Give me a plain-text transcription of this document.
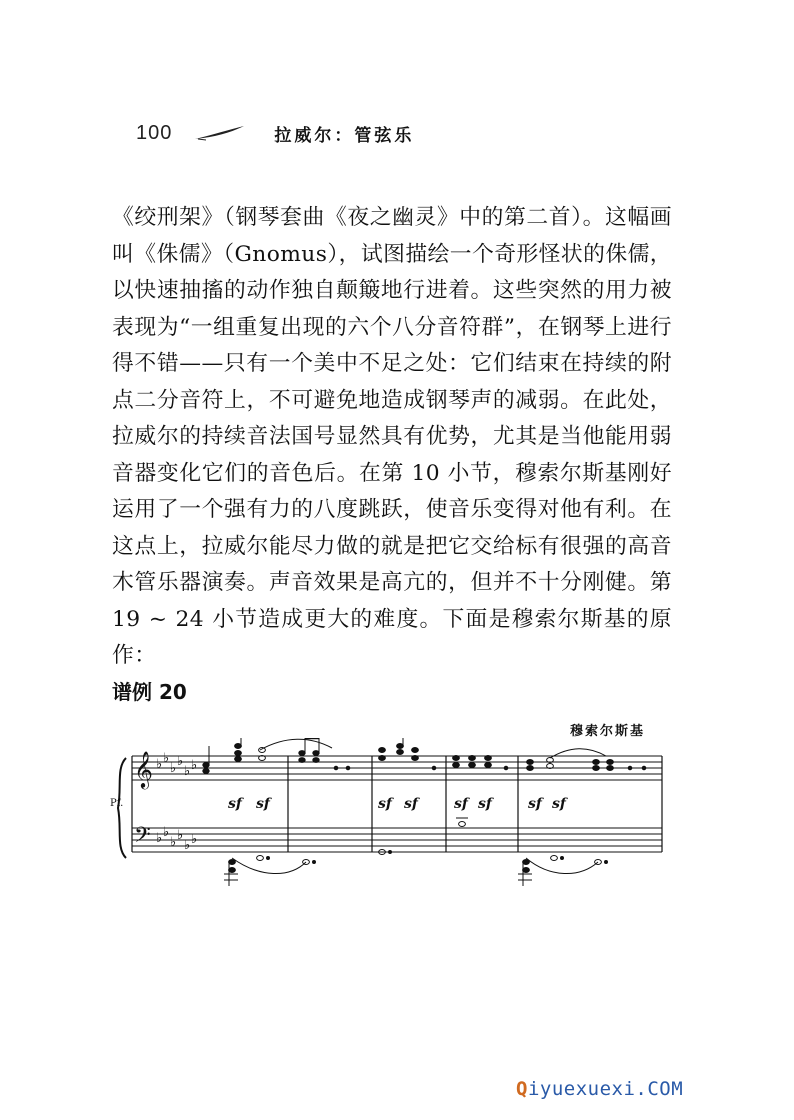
100	拉威尔：管弦乐

《绞刑架》（钢琴套曲《夜之幽灵》中的第二首）。这幅画叫《侏儒》（Gnomus），试图描绘一个奇形怪状的侏儒，以快速抽搐的动作独自颠簸地行进着。这些突然的用力被表现为“一组重复出现的六个八分音符群”，在钢琴上进行得不错——只有一个美中不足之处：它们结束在持续的附点二分音符上，不可避免地造成钢琴声的减弱。在此处，拉威尔的持续音法国号显然具有优势，尤其是当他能用弱音器变化它们的音色后。在第 10 小节，穆索尔斯基刚好运用了一个强有力的八度跳跃，使音乐变得对他有利。在这点上，拉威尔能尽力做的就是把它交给标有很强的高音木管乐器演奏。声音效果是高亢的，但并不十分刚健。第 19 ~ 24 小节造成更大的难度。下面是穆索尔斯基的原作：

谱例 20
穆索尔斯基
𝄞
𝄢
♭ ♭
♭ ♭
♭ ♭
♭ ♭
♭ ♭
♭ ♭
sf sf	sf sf	sf sf	sf sf
Pf.
Qiyuexuexi.COM
